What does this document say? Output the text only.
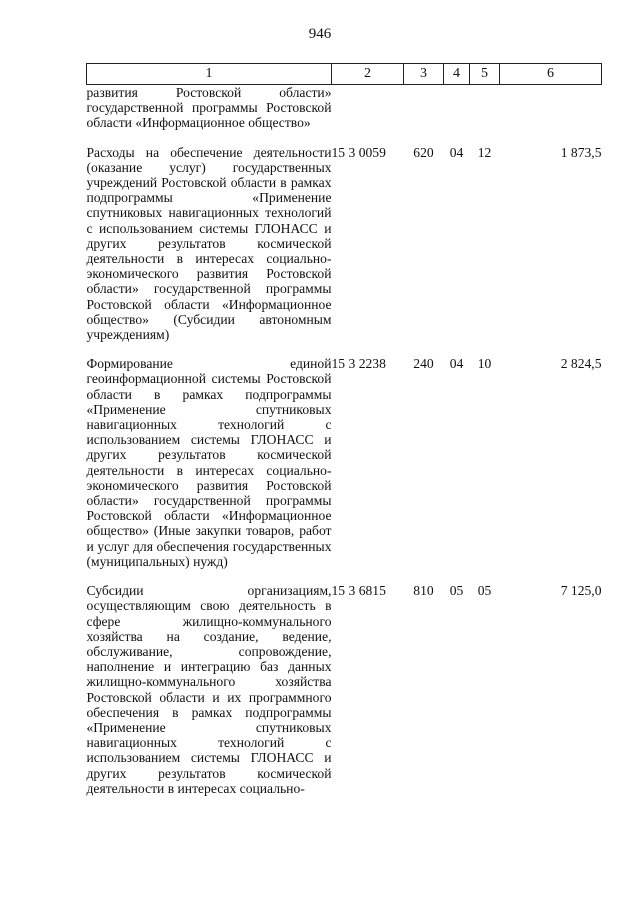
946
1	2	3	4	5	6
развития Ростовской области» государственной программы Ростовской области «Информационное общество»					

Расходы на обеспечение деятельности (оказание услуг) государственных учреждений Ростовской области в рамках подпрограммы «Применение спутниковых навигационных технологий с использованием системы ГЛОНАСС и других результатов космической деятельности в интересах социально-экономического развития Ростовской области» государственной программы Ростовской области «Информационное общество» (Субсидии автономным учреждениям)	15 3 0059	620	04	12	1 873,5

Формирование единой геоинформационной системы Ростовской области в рамках подпрограммы «Применение спутниковых навигационных технологий с использованием системы ГЛОНАСС и других результатов космической деятельности в интересах социально-экономического развития Ростовской области» государственной программы Ростовской области «Информационное общество» (Иные закупки товаров, работ и услуг для обеспечения государственных (муниципальных) нужд)	15 3 2238	240	04	10	2 824,5

Субсидии организациям, осуществляющим свою деятельность в сфере жилищно-коммунального хозяйства на создание, ведение, обслуживание, сопровождение, наполнение и интеграцию баз данных жилищно-коммунального хозяйства Ростовской области и их программного обеспечения в рамках подпрограммы «Применение спутниковых навигационных технологий с использованием системы ГЛОНАСС и других результатов космической деятельности в интересах социально-	15 3 6815	810	05	05	7 125,0
